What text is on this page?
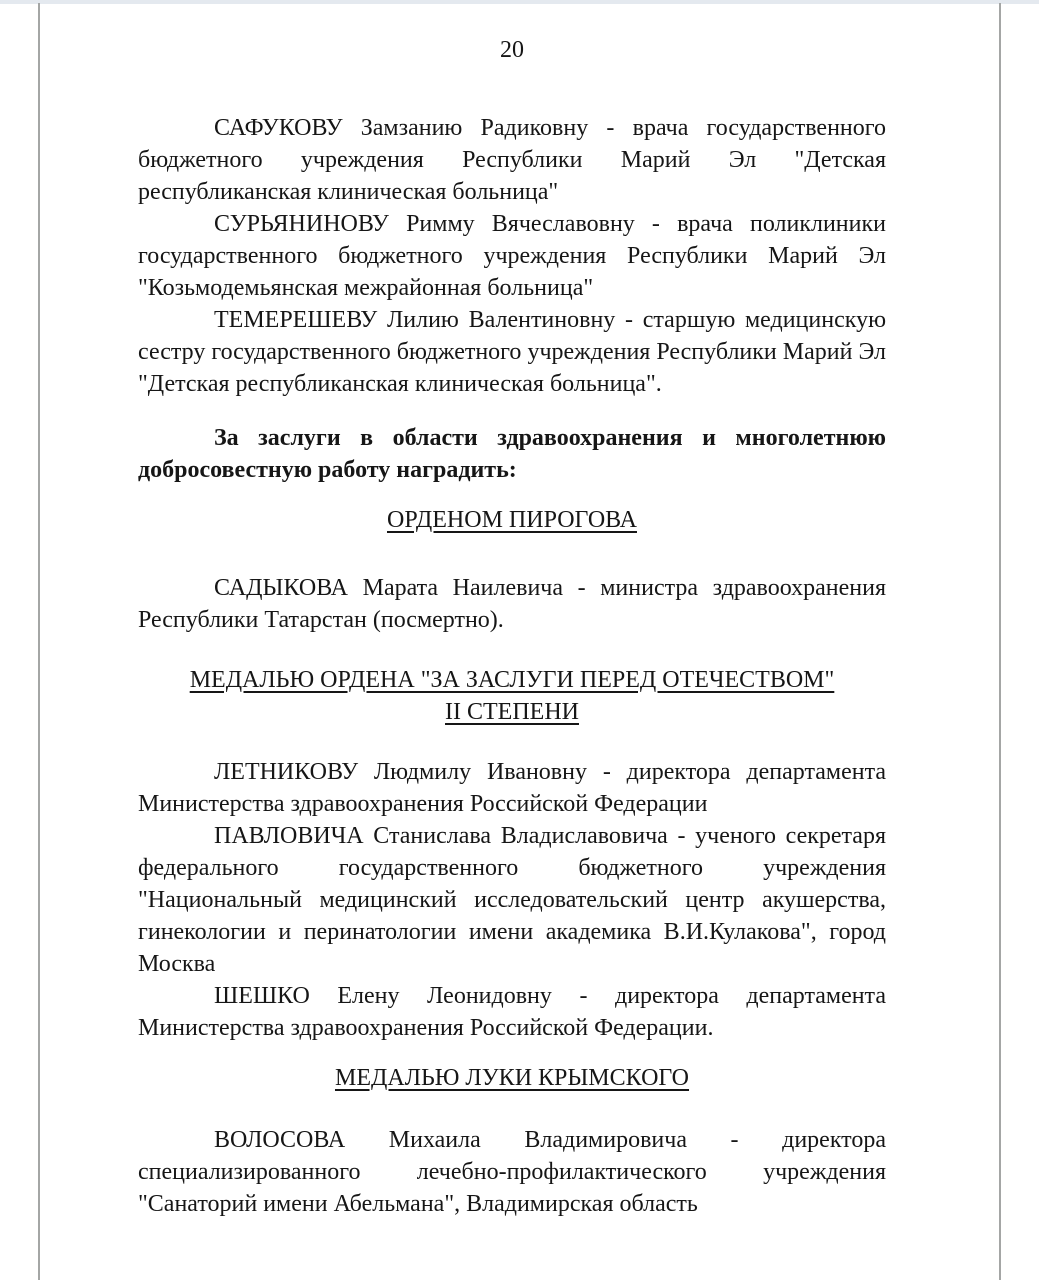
20

САФУКОВУ Замзанию Радиковну - врача государственного бюджетного учреждения Республики Марий Эл "Детская республиканская клиническая больница"

СУРЬЯНИНОВУ Римму Вячеславовну - врача поликлиники государственного бюджетного учреждения Республики Марий Эл "Козьмодемьянская межрайонная больница"

ТЕМЕРЕШЕВУ Лилию Валентиновну - старшую медицинскую сестру государственного бюджетного учреждения Республики Марий Эл "Детская республиканская клиническая больница".

За заслуги в области здравоохранения и многолетнюю добросовестную работу наградить:

ОРДЕНОМ ПИРОГОВА

САДЫКОВА Марата Наилевича - министра здравоохранения Республики Татарстан (посмертно).

МЕДАЛЬЮ ОРДЕНА "ЗА ЗАСЛУГИ ПЕРЕД ОТЕЧЕСТВОМ"
II СТЕПЕНИ

ЛЕТНИКОВУ Людмилу Ивановну - директора департамента Министерства здравоохранения Российской Федерации

ПАВЛОВИЧА Станислава Владиславовича - ученого секретаря федерального государственного бюджетного учреждения "Национальный медицинский исследовательский центр акушерства, гинекологии и перинатологии имени академика В.И.Кулакова", город Москва

ШЕШКО Елену Леонидовну - директора департамента Министерства здравоохранения Российской Федерации.

МЕДАЛЬЮ ЛУКИ КРЫМСКОГО

ВОЛОСОВА Михаила Владимировича - директора специализированного лечебно-профилактического учреждения "Санаторий имени Абельмана", Владимирская область
